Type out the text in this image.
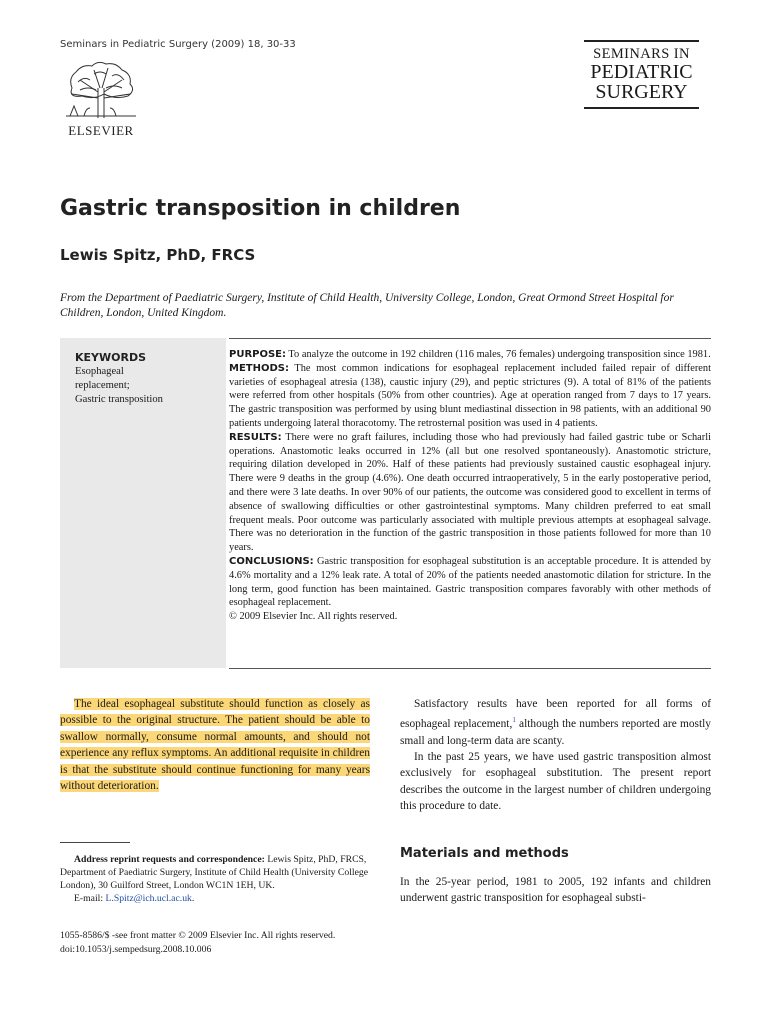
Seminars in Pediatric Surgery (2009) 18, 30-33
ELSEVIER
SEMINARS IN
PEDIATRIC
SURGERY
Gastric transposition in children
Lewis Spitz, PhD, FRCS
From the Department of Paediatric Surgery, Institute of Child Health, University College, London, Great Ormond Street Hospital for Children, London, United Kingdom.
KEYWORDS
Esophageal
replacement;
Gastric transposition

PURPOSE: To analyze the outcome in 192 children (116 males, 76 females) undergoing transposition since 1981.

METHODS: The most common indications for esophageal replacement included failed repair of different varieties of esophageal atresia (138), caustic injury (29), and peptic strictures (9). A total of 81% of the patients were referred from other hospitals (50% from other countries). Age at operation ranged from 7 days to 17 years. The gastric transposition was performed by using blunt mediastinal dissection in 98 patients, with an additional 90 patients undergoing lateral thoracotomy. The retrosternal position was used in 4 patients.

RESULTS: There were no graft failures, including those who had previously had failed gastric tube or Scharli operations. Anastomotic leaks occurred in 12% (all but one resolved spontaneously). Anastomotic stricture, requiring dilation developed in 20%. Half of these patients had previously sustained caustic esophageal injury. There were 9 deaths in the group (4.6%). One death occurred intraoperatively, 5 in the early postoperative period, and there were 3 late deaths. In over 90% of our patients, the outcome was considered good to excellent in terms of absence of swallowing difficulties or other gastrointestinal symptoms. Many children preferred to eat small frequent meals. Poor outcome was particularly associated with multiple previous attempts at esophageal salvage. There was no deterioration in the function of the gastric transposition in those patients followed for more than 10 years.

CONCLUSIONS: Gastric transposition for esophageal substitution is an acceptable procedure. It is attended by 4.6% mortality and a 12% leak rate. A total of 20% of the patients needed anastomotic dilation for stricture. In the long term, good function has been maintained. Gastric transposition compares favorably with other methods of esophageal replacement.

© 2009 Elsevier Inc. All rights reserved.

The ideal esophageal substitute should function as closely as possible to the original structure. The patient should be able to swallow normally, consume normal amounts, and should not experience any reflux symptoms. An additional requisite in children is that the substitute should continue functioning for many years without deterioration.

Address reprint requests and correspondence: Lewis Spitz, PhD, FRCS, Department of Paediatric Surgery, Institute of Child Health (University College London), 30 Guilford Street, London WC1N 1EH, UK.
E-mail: L.Spitz@ich.ucl.ac.uk.
1055-8586/$ -see front matter © 2009 Elsevier Inc. All rights reserved.
doi:10.1053/j.sempedsurg.2008.10.006

Satisfactory results have been reported for all forms of esophageal replacement,$^1$ although the numbers reported are mostly small and long-term data are scanty.

In the past 25 years, we have used gastric transposition almost exclusively for esophageal substitution. The present report describes the outcome in the largest number of children undergoing this procedure to date.

Materials and methods

In the 25-year period, 1981 to 2005, 192 infants and children underwent gastric transposition for esophageal substi-
